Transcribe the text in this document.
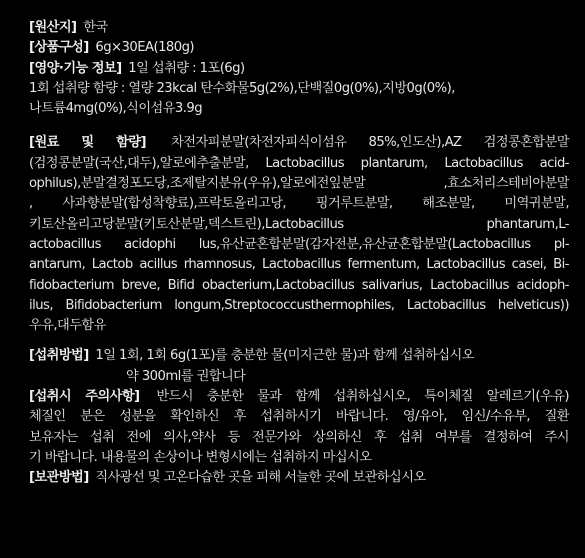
[원산지] 한국
[상품구성] 6g×30EA(180g)
[영양·기능 정보] 1일 섭취량 : 1포(6g)
1회 섭취량 함량 : 열량 23kcal 탄수화물5g(2%),단백질0g(0%),지방0g(0%),
나트륨4mg(0%),식이섬유3.9g
[원료 및 함량] 차전자피분말(차전자피식이섬유 85%,인도산),AZ 검정콩혼합분말
(검정콩분말(국산,대두),알로에추출분말, Lactobacillus plantarum, Lactobacillus acid-
ophilus),분말결정포도당,조제탈지분유(우유),알로에전잎분말 ,효소처리스테비아분말
, 사과향분말(합성착향료),프락토올리고당, 핑거루트분말, 해조분말, 미역귀분말,
키토산올리고당분말(키토산분말,덱스트린),Lactobacillus phantarum,L-
actobacillus acidophi lus,유산균혼합분말(감자전분,유산균혼합분말(Lactobacillus pl-
antarum, Lactob acillus rhamnosus, Lactobacillus fermentum, Lactobacillus casei, Bi-
fidobacterium breve, Bifid obacterium,Lactobacillus salivarius, Lactobacillus acidoph-
ilus, Bifidobacterium longum,Streptococcusthermophiles, Lactobacillus helveticus))
우유,대두함유
[섭취방법] 1일 1회, 1회 6g(1포)를 충분한 물(미지근한 물)과 함께 섭취하십시오
약 300ml를 권합니다
[섭취시 주의사항] 반드시 충분한 물과 함께 섭취하십시오, 특이체질 알레르기(우유)
체질인 분은 성분을 확인하신 후 섭취하시기 바랍니다. 영/유아, 임신/수유부, 질환
보유자는 섭취 전에 의사,약사 등 전문가와 상의하신 후 섭취 여부를 결정하여 주시
기 바랍니다. 내용물의 손상이나 변형시에는 섭취하지 마십시오
[보관방법] 직사광선 및 고온다습한 곳을 피해 서늘한 곳에 보관하십시오
